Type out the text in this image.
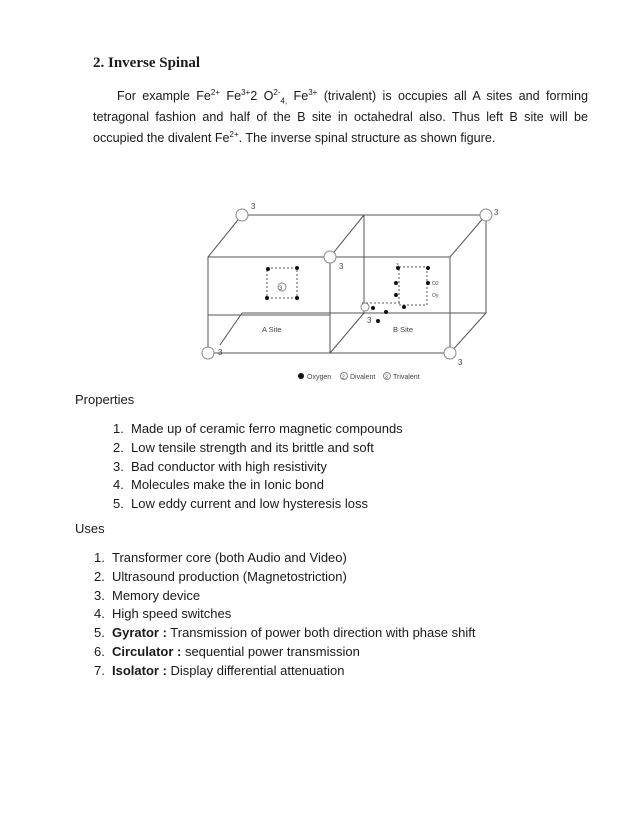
2. Inverse Spinal

For example $Fe^{2+}$ $Fe^{3+}2$ $O^{2-}_{4,}$ $Fe^{3+}$ (trivalent) is occupies all A sites and forming tetragonal fashion and half of the B site in octahedral also. Thus left B site will be occupied the divalent $Fe^{2+}$. The inverse spinal structure as shown figure.

3
3
3
3
3
3
A Site	B Site
3
3
O2
Oy
Oxygen 2 Divalent 3 Trivalent
Properties
1. Made up of ceramic ferro magnetic compounds
2. Low tensile strength and its brittle and soft
3. Bad conductor with high resistivity
4. Molecules make the in Ionic bond
5. Low eddy current and low hysteresis loss
Uses
1. Transformer core (both Audio and Video)
2. Ultrasound production (Magnetostriction)
3. Memory device
4. High speed switches
5. Gyrator : Transmission of power both direction with phase shift
6. Circulator : sequential power transmission
7. Isolator : Display differential attenuation
